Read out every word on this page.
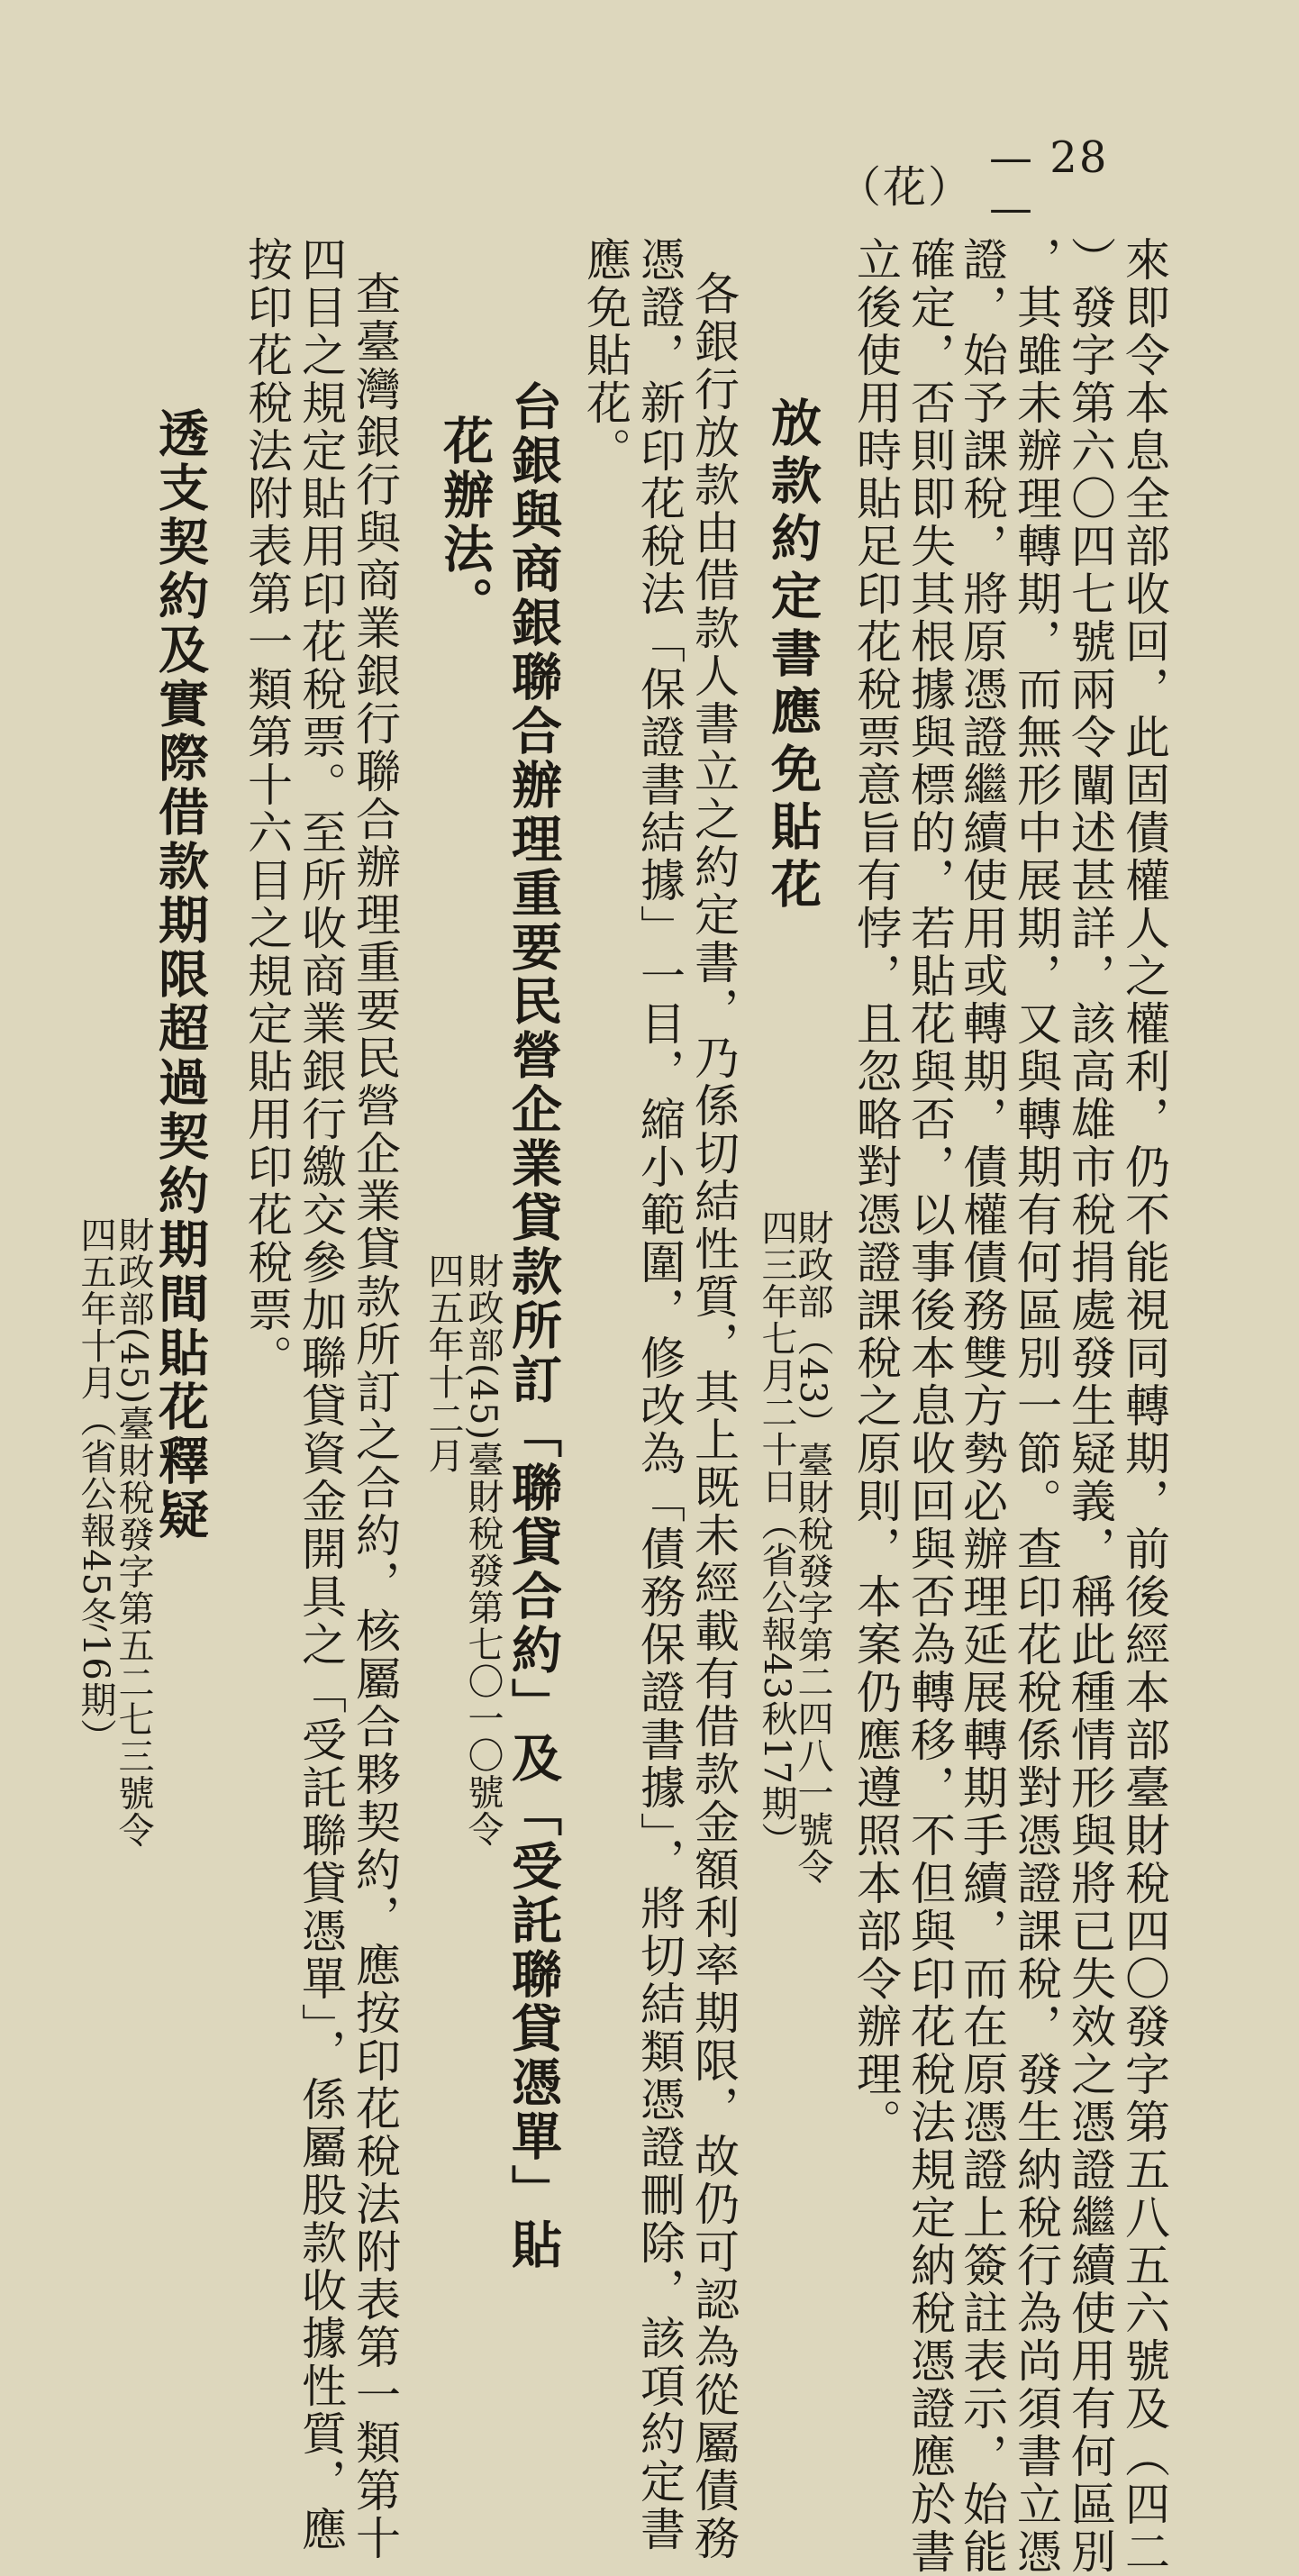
（花）
— 28 —
來即令本息全部收回，此固債權人之權利，仍不能視同轉期，前後經本部臺財稅四〇發字第五八五六號及（四二
）發字第六〇四七號兩令闡述甚詳，該高雄市稅捐處發生疑義，稱此種情形與將已失效之憑證繼續使用有何區別
，其雖未辦理轉期，而無形中展期，又與轉期有何區別一節。查印花稅係對憑證課稅，發生納稅行為尚須書立憑
證，始予課稅，將原憑證繼續使用或轉期，債權債務雙方勢必辦理延展轉期手續，而在原憑證上簽註表示，始能
確定，否則即失其根據與標的，若貼花與否，以事後本息收回與否為轉移，不但與印花稅法規定納稅憑證應於書
立後使用時貼足印花稅票意旨有悖，且忽略對憑證課稅之原則，本案仍應遵照本部令辦理。
財政部（43）臺財稅發字第二四八一號令
四三年七月二十日（省公報43秋17期）
放款約定書應免貼花
各銀行放款由借款人書立之約定書，乃係切結性質，其上既未經載有借款金額利率期限，故仍可認為從屬債務
憑證，新印花稅法「保證書結據」一目，縮小範圍，修改為「債務保證書據」，將切結類憑證刪除，該項約定書
應免貼花。
台銀與商銀聯合辦理重要民營企業貸款所訂「聯貸合約」及「受託聯貸憑單」貼
花辦法。
財政部(45)臺財稅發第七〇一〇號令
四五年十二月
查臺灣銀行與商業銀行聯合辦理重要民營企業貸款所訂之合約，核屬合夥契約，應按印花稅法附表第一類第十
四目之規定貼用印花稅票。至所收商業銀行繳交參加聯貸資金開具之「受託聯貸憑單」，係屬股款收據性質，應
按印花稅法附表第一類第十六目之規定貼用印花稅票。
透支契約及實際借款期限超過契約期間貼花釋疑
財政部(45)臺財稅發字第五二七三號令
四五年十月（省公報45冬16期）
